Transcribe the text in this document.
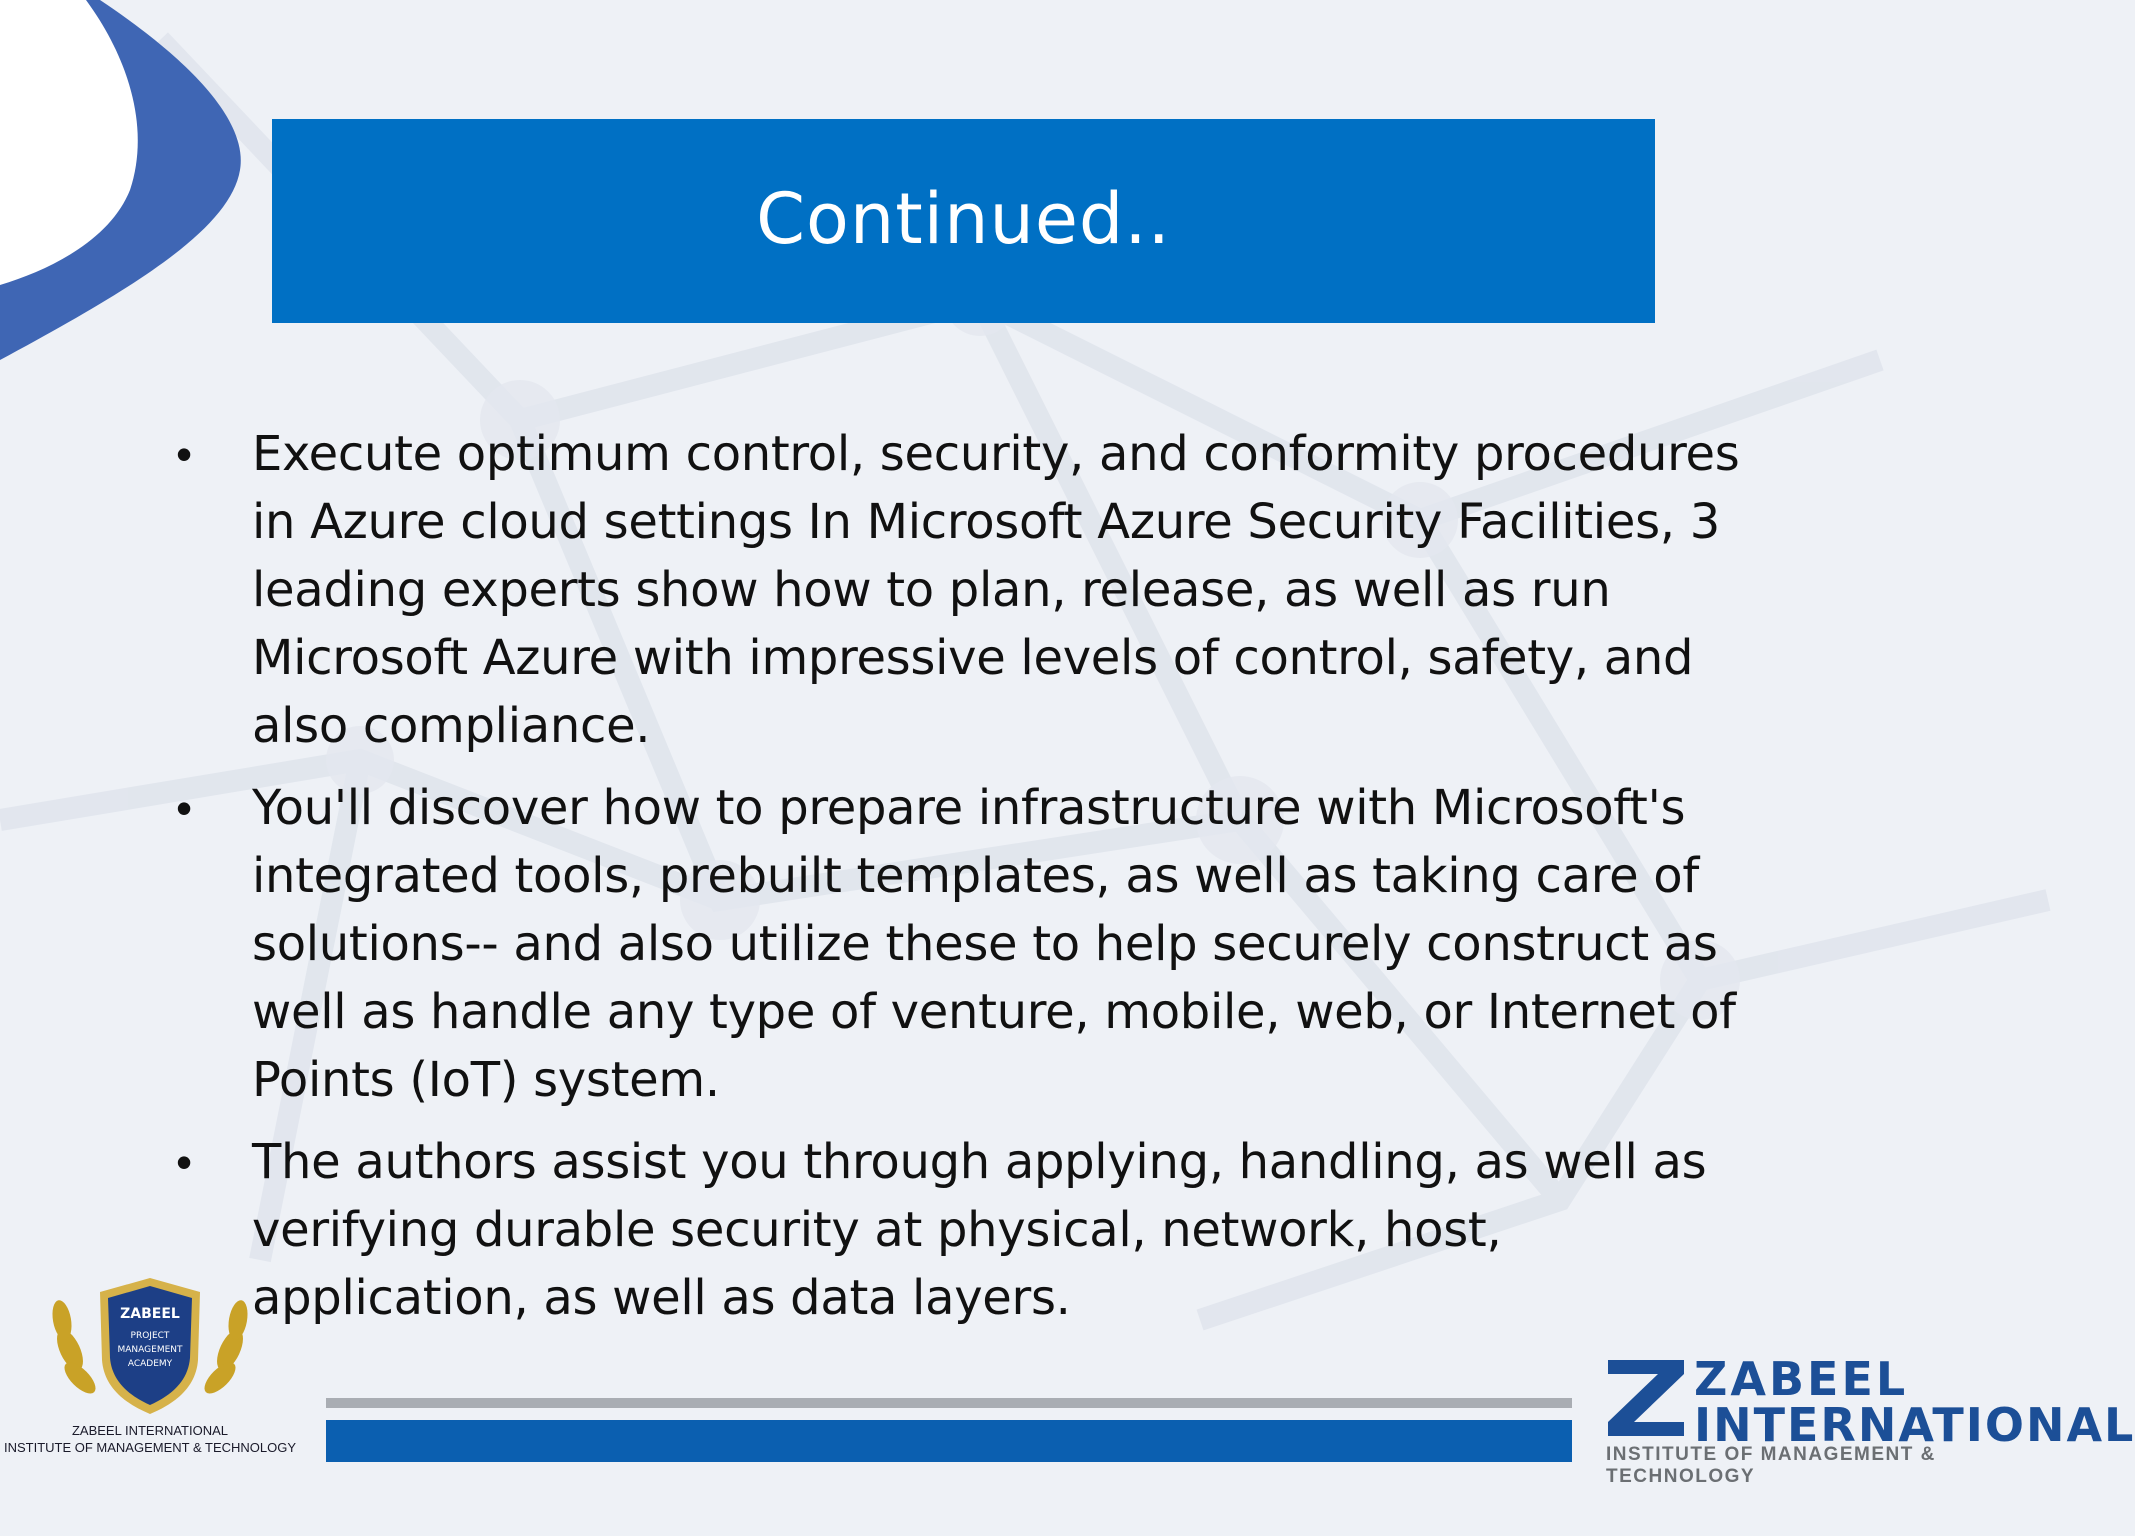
Continued..
• Execute optimum control, security, and conformity procedures in Azure cloud settings In Microsoft Azure Security Facilities, 3 leading experts show how to plan, release, as well as run Microsoft Azure with impressive levels of control, safety, and also compliance.
• You'll discover how to prepare infrastructure with Microsoft's integrated tools, prebuilt templates, as well as taking care of solutions-- and also utilize these to help securely construct as well as handle any type of venture, mobile, web, or Internet of Points (IoT) system.
• The authors assist you through applying, handling, as well as verifying durable security at physical, network, host, application, as well as data layers.
ZABEEL
PROJECT
MANAGEMENT
ACADEMY
ZABEEL INTERNATIONAL
INSTITUTE OF MANAGEMENT & TECHNOLOGY
ZABEEL
INTERNATIONAL
INSTITUTE OF MANAGEMENT & TECHNOLOGY
